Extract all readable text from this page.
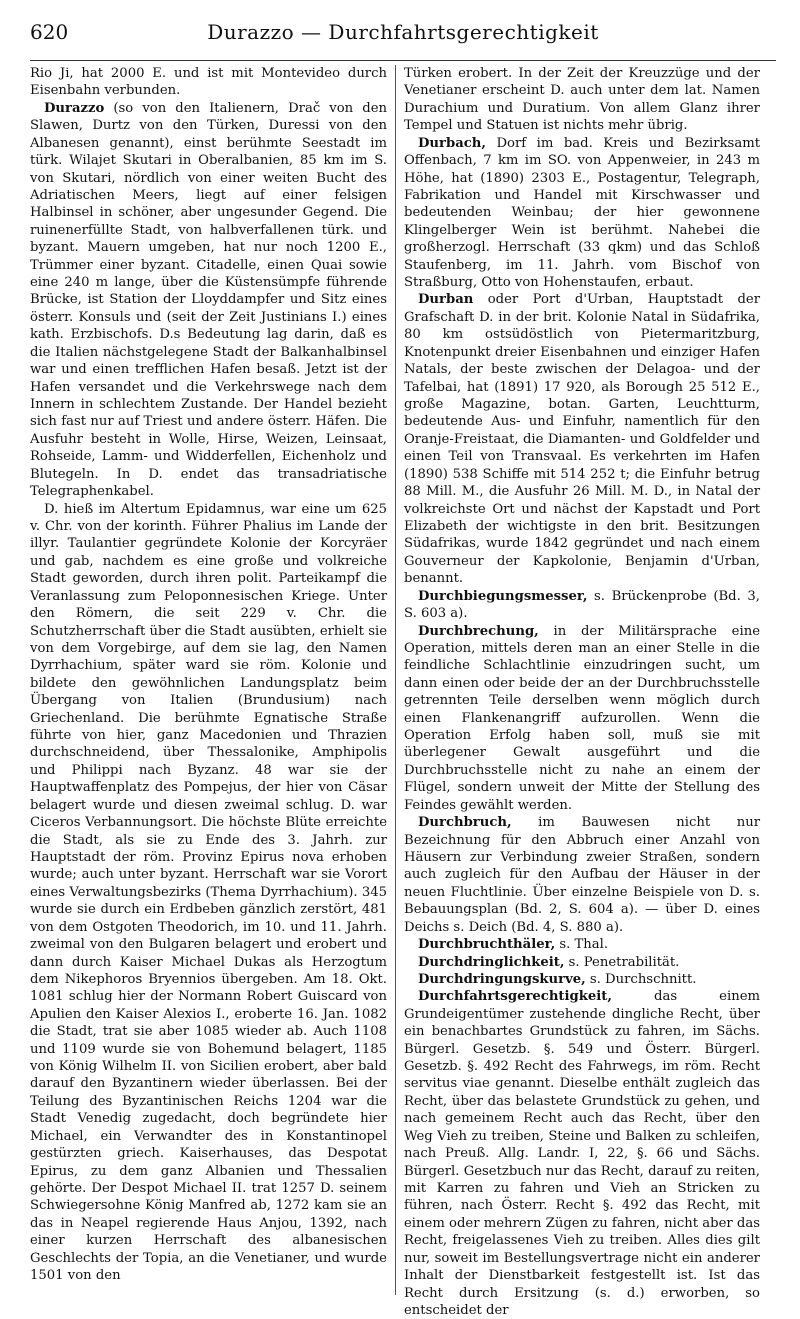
620	Durazzo — Durchfahrtsgerechtigkeit

Rio Ji, hat 2000 E. und ist mit Montevideo durch Eisenbahn verbunden.

Durazzo (so von den Italienern, Drač von den Slawen, Durtz von den Türken, Duressi von den Albanesen genannt), einst berühmte Seestadt im türk. Wilajet Skutari in Oberalbanien, 85 km im S. von Skutari, nördlich von einer weiten Bucht des Adriatischen Meers, liegt auf einer felsigen Halbinsel in schöner, aber ungesunder Gegend. Die ruinenerfüllte Stadt, von halbverfallenen türk. und byzant. Mauern umgeben, hat nur noch 1200 E., Trümmer einer byzant. Citadelle, einen Quai sowie eine 240 m lange, über die Küstensümpfe führende Brücke, ist Station der Lloyddampfer und Sitz eines österr. Konsuls und (seit der Zeit Justinians I.) eines kath. Erzbischofs. D.s Bedeutung lag darin, daß es die Italien nächstgelegene Stadt der Balkanhalbinsel war und einen trefflichen Hafen besaß. Jetzt ist der Hafen versandet und die Verkehrswege nach dem Innern in schlechtem Zustande. Der Handel bezieht sich fast nur auf Triest und andere österr. Häfen. Die Ausfuhr besteht in Wolle, Hirse, Weizen, Leinsaat, Rohseide, Lamm- und Widderfellen, Eichenholz und Blutegeln. In D. endet das transadriatische Telegraphenkabel.

D. hieß im Altertum Epidamnus, war eine um 625 v. Chr. von der korinth. Führer Phalius im Lande der illyr. Taulantier gegründete Kolonie der Korcyräer und gab, nachdem es eine große und volkreiche Stadt geworden, durch ihren polit. Parteikampf die Veranlassung zum Peloponnesischen Kriege. Unter den Römern, die seit 229 v. Chr. die Schutzherrschaft über die Stadt ausübten, erhielt sie von dem Vorgebirge, auf dem sie lag, den Namen Dyrrhachium, später ward sie röm. Kolonie und bildete den gewöhnlichen Landungsplatz beim Übergang von Italien (Brundusium) nach Griechenland. Die berühmte Egnatische Straße führte von hier, ganz Macedonien und Thrazien durchschneidend, über Thessalonike, Amphipolis und Philippi nach Byzanz. 48 war sie der Hauptwaffenplatz des Pompejus, der hier von Cäsar belagert wurde und diesen zweimal schlug. D. war Ciceros Verbannungsort. Die höchste Blüte erreichte die Stadt, als sie zu Ende des 3. Jahrh. zur Hauptstadt der röm. Provinz Epirus nova erhoben wurde; auch unter byzant. Herrschaft war sie Vorort eines Verwaltungsbezirks (Thema Dyrrhachium). 345 wurde sie durch ein Erdbeben gänzlich zerstört, 481 von dem Ostgoten Theodorich, im 10. und 11. Jahrh. zweimal von den Bulgaren belagert und erobert und dann durch Kaiser Michael Dukas als Herzogtum dem Nikephoros Bryennios übergeben. Am 18. Okt. 1081 schlug hier der Normann Robert Guiscard von Apulien den Kaiser Alexios I., eroberte 16. Jan. 1082 die Stadt, trat sie aber 1085 wieder ab. Auch 1108 und 1109 wurde sie von Bohemund belagert, 1185 von König Wilhelm II. von Sicilien erobert, aber bald darauf den Byzantinern wieder überlassen. Bei der Teilung des Byzantinischen Reichs 1204 war die Stadt Venedig zugedacht, doch begründete hier Michael, ein Verwandter des in Konstantinopel gestürzten griech. Kaiserhauses, das Despotat Epirus, zu dem ganz Albanien und Thessalien gehörte. Der Despot Michael II. trat 1257 D. seinem Schwiegersohne König Manfred ab, 1272 kam sie an das in Neapel regierende Haus Anjou, 1392, nach einer kurzen Herrschaft des albanesischen Geschlechts der Topia, an die Venetianer, und wurde 1501 von den

Türken erobert. In der Zeit der Kreuzzüge und der Venetianer erscheint D. auch unter dem lat. Namen Durachium und Duratium. Von allem Glanz ihrer Tempel und Statuen ist nichts mehr übrig.

Durbach, Dorf im bad. Kreis und Bezirksamt Offenbach, 7 km im SO. von Appenweier, in 243 m Höhe, hat (1890) 2303 E., Postagentur, Telegraph, Fabrikation und Handel mit Kirschwasser und bedeutenden Weinbau; der hier gewonnene Klingelberger Wein ist berühmt. Nahebei die großherzogl. Herrschaft (33 qkm) und das Schloß Staufenberg, im 11. Jahrh. vom Bischof von Straßburg, Otto von Hohenstaufen, erbaut.

Durban oder Port d'Urban, Hauptstadt der Grafschaft D. in der brit. Kolonie Natal in Südafrika, 80 km ostsüdöstlich von Pietermaritzburg, Knotenpunkt dreier Eisenbahnen und einziger Hafen Natals, der beste zwischen der Delagoa- und der Tafelbai, hat (1891) 17 920, als Borough 25 512 E., große Magazine, botan. Garten, Leuchtturm, bedeutende Aus- und Einfuhr, namentlich für den Oranje-Freistaat, die Diamanten- und Goldfelder und einen Teil von Transvaal. Es verkehrten im Hafen (1890) 538 Schiffe mit 514 252 t; die Einfuhr betrug 88 Mill. M., die Ausfuhr 26 Mill. M. D., in Natal der volkreichste Ort und nächst der Kapstadt und Port Elizabeth der wichtigste in den brit. Besitzungen Südafrikas, wurde 1842 gegründet und nach einem Gouverneur der Kapkolonie, Benjamin d'Urban, benannt.

Durchbiegungsmesser, s. Brückenprobe (Bd. 3, S. 603 a).

Durchbrechung, in der Militärsprache eine Operation, mittels deren man an einer Stelle in die feindliche Schlachtlinie einzudringen sucht, um dann einen oder beide der an der Durchbruchsstelle getrennten Teile derselben wenn möglich durch einen Flankenangriff aufzurollen. Wenn die Operation Erfolg haben soll, muß sie mit überlegener Gewalt ausgeführt und die Durchbruchsstelle nicht zu nahe an einem der Flügel, sondern unweit der Mitte der Stellung des Feindes gewählt werden.

Durchbruch, im Bauwesen nicht nur Bezeichnung für den Abbruch einer Anzahl von Häusern zur Verbindung zweier Straßen, sondern auch zugleich für den Aufbau der Häuser in der neuen Fluchtlinie. Über einzelne Beispiele von D. s. Bebauungsplan (Bd. 2, S. 604 a). — über D. eines Deichs s. Deich (Bd. 4, S. 880 a).

Durchbruchthäler, s. Thal.

Durchdringlichkeit, s. Penetrabilität.

Durchdringungskurve, s. Durchschnitt.

Durchfahrtsgerechtigkeit, das einem Grundeigentümer zustehende dingliche Recht, über ein benachbartes Grundstück zu fahren, im Sächs. Bürgerl. Gesetzb. §. 549 und Österr. Bürgerl. Gesetzb. §. 492 Recht des Fahrwegs, im röm. Recht servitus viae genannt. Dieselbe enthält zugleich das Recht, über das belastete Grundstück zu gehen, und nach gemeinem Recht auch das Recht, über den Weg Vieh zu treiben, Steine und Balken zu schleifen, nach Preuß. Allg. Landr. I, 22, §. 66 und Sächs. Bürgerl. Gesetzbuch nur das Recht, darauf zu reiten, mit Karren zu fahren und Vieh an Stricken zu führen, nach Österr. Recht §. 492 das Recht, mit einem oder mehrern Zügen zu fahren, nicht aber das Recht, freigelassenes Vieh zu treiben. Alles dies gilt nur, soweit im Bestellungsvertrage nicht ein anderer Inhalt der Dienstbarkeit festgestellt ist. Ist das Recht durch Ersitzung (s. d.) erworben, so entscheidet der
